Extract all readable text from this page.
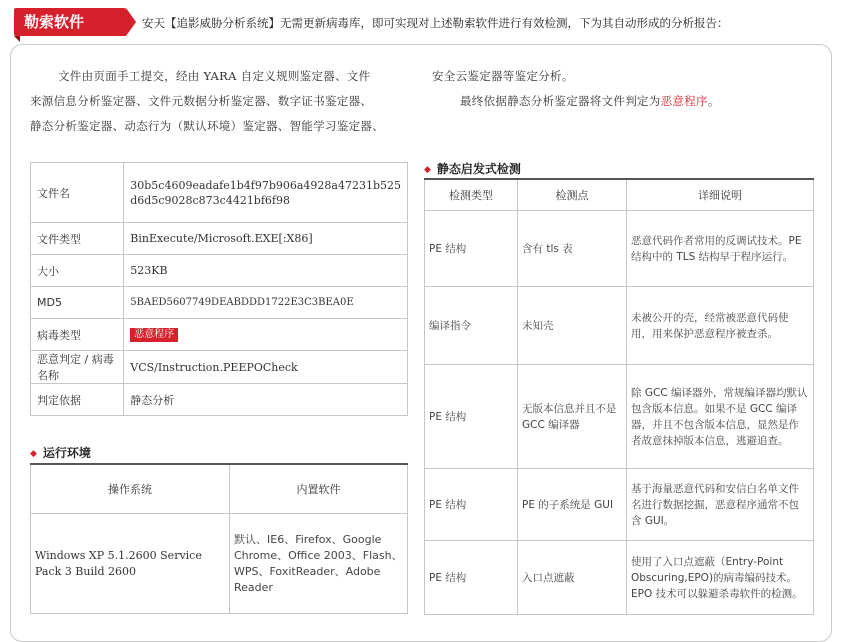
勒索软件	安天【追影威胁分析系统】无需更新病毒库，即可实现对上述勒索软件进行有效检测，下为其自动形成的分析报告：
文件由页面手工提交，经由 YARA 自定义规则鉴定器、文件	安全云鉴定器等鉴定分析。
来源信息分析鉴定器、文件元数据分析鉴定器、数字证书鉴定器、	最终依据静态分析鉴定器将文件判定为恶意程序。
静态分析鉴定器、动态行为（默认环境）鉴定器、智能学习鉴定器、
文件名	30b5c4609eadafe1b4f97b906a4928a47231b525 d6d5c9028c873c4421bf6f98
文件类型	BinExecute/Microsoft.EXE[:X86]
大小	523KB
MD5	5BAED5607749DEABDDD1722E3C3BEA0E
病毒类型	恶意程序
恶意判定 / 病毒名称	VCS/Instruction.PEEPOCheck
判定依据	静态分析
◆ 运行环境
操作系统	内置软件
Windows XP 5.1.2600 Service Pack 3 Build 2600	默认、IE6、Firefox、Google Chrome、Office 2003、Flash、WPS、FoxitReader、Adobe Reader
◆ 静态启发式检测
检测类型	检测点	详细说明
PE 结构	含有 tls 表	恶意代码作者常用的反调试技术。PE 结构中的 TLS 结构早于程序运行。
编译指令	未知壳	未被公开的壳，经常被恶意代码使用，用来保护恶意程序被查杀。
PE 结构	无版本信息并且不是 GCC 编译器	除 GCC 编译器外，常规编译器均默认包含版本信息。如果不是 GCC 编译器，并且不包含版本信息，显然是作者故意抹掉版本信息，逃避追查。
PE 结构	PE 的子系统是 GUI	基于海量恶意代码和安信白名单文件名进行数据挖掘，恶意程序通常不包含 GUI。
PE 结构	入口点遮蔽	使用了入口点遮蔽（Entry-Point Obscuring,EPO)的病毒编码技术。EPO 技术可以躲避杀毒软件的检测。
